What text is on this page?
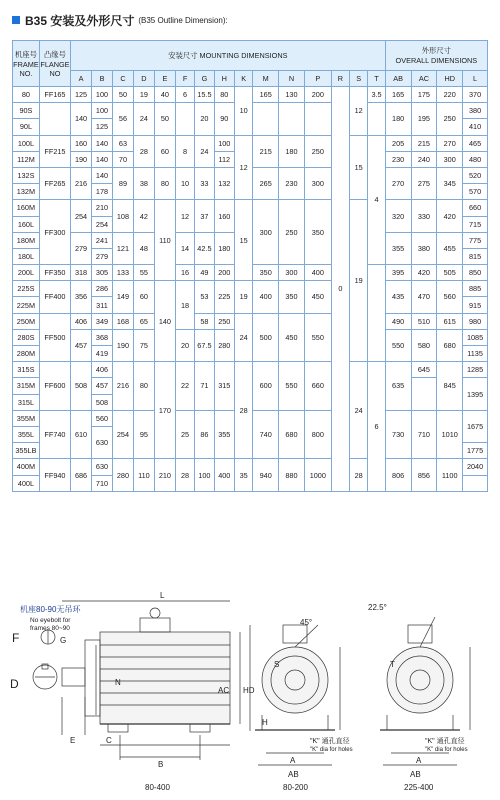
B35 安装及外形尺寸 (B35 Outline Dimension):
机座号
FRAME
NO.	凸缘号
FLANGE
NO	安装尺寸 MOUNTING DIMENSIONS															外形尺寸
OVERALL DIMENSIONS			
		A	B	C	D	E	F	G	H	K	M	N	P	R	S	T	AB	AC	HD	L
80	FF165	125	100	50	19	40	6	15.5	80	10	165	130	200	0	12	3.5	165	175	220	370
90S		140	100	56	24	50		20	90								180	195	250	380
90L			125																	410
100L	FF215	160	140	63	28	60	8	24	100	12	215	180	250		15	4	205	215	270	465
112M		190	140	70					112								230	240	300	480
132S	FF265	216	140	89	38	80	10	33	132		265	230	300				270	275	345	520
132M			178																	570
160M	FF300	254	210	108	42	110	12	37	160	15	300	250	350		19		320	330	420	660
160L			254																	715
180M		279	241	121	48		14	42.5	180								355	380	455	775
180L			279																	815
200L	FF350	318	305	133	55		16	49	200		350	300	400				395	420	505	850
225S	FF400	356	286	149	60	140	18	53	225	19	400	350	450				435	470	560	885
225M			311																	915
250M	FF500	406	349	168	65			58	250	24	500	450	550				490	510	615	980
280S		457	368	190	75		20	67.5	280								550	580	680	1085
280M			419																	1135
315S	FF600	508	406	216	80	170	22	71	315	28	600	550	660		24	6	635	645	845	1285
315M			457																	1395
315L			508																	
355M	FF740	610	560	254	95		25	86	355		740	680	800				730	710	1010	1675
355L			630																	
355LB																				1775
400M	FF940	686	630	280	110	210	28	100	400	35	940	880	1000		28		806	856	1100	2040
400L			710																	
机座80-90无吊环
No eyebolt for
frames 80~90
L
F	G
D
E
B
C
AC HD
N
80-400
45°
H
S
A
AB
80-200
"K" 通孔直径
"K" dia for holes
22.5°
T
A
AB
225-400
"K" 通孔直径
"K" dia for holes
